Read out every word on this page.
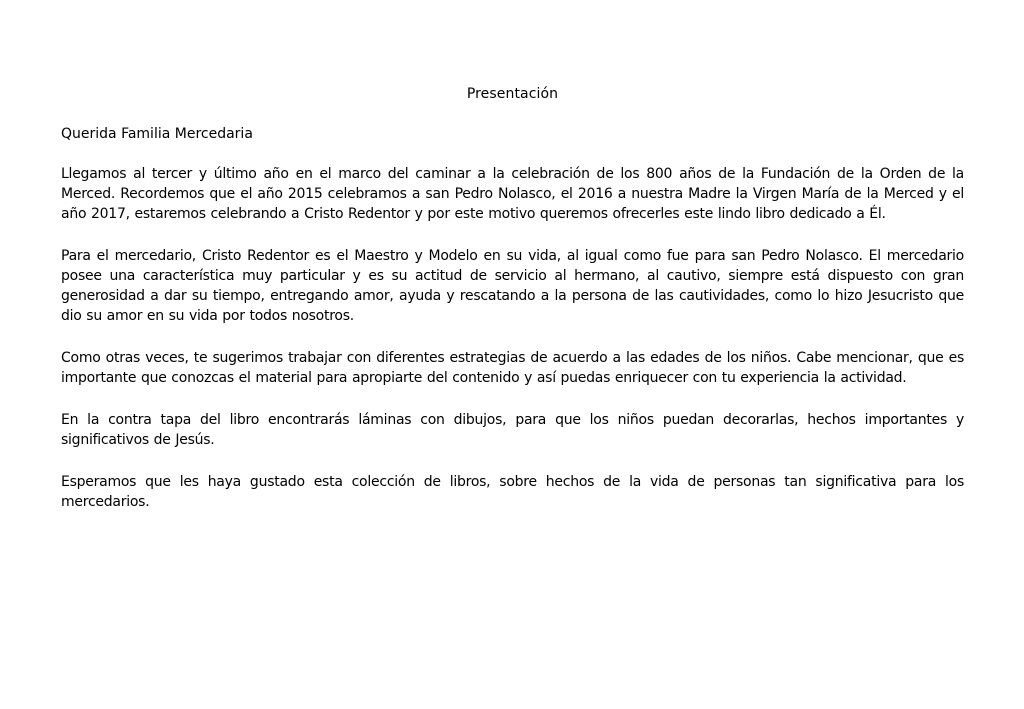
Presentación
Querida Familia Mercedaria

Llegamos al tercer y último año en el marco del caminar a la celebración de los 800 años de la Fundación de la Orden de la Merced. Recordemos que el año 2015 celebramos a san Pedro Nolasco, el 2016 a nuestra Madre la Virgen María de la Merced y el año 2017, estaremos celebrando a Cristo Redentor y por este motivo queremos ofrecerles este lindo libro dedicado a Él.

Para el mercedario, Cristo Redentor es el Maestro y Modelo en su vida, al igual como fue para san Pedro Nolasco. El mercedario posee una característica muy particular y es su actitud de servicio al hermano, al cautivo, siempre está dispuesto con gran generosidad a dar su tiempo, entregando amor, ayuda y rescatando a la persona de las cautividades, como lo hizo Jesucristo que dio su amor en su vida por todos nosotros.

Como otras veces, te sugerimos trabajar con diferentes estrategias de acuerdo a las edades de los niños. Cabe mencionar, que es importante que conozcas el material para apropiarte del contenido y así puedas enriquecer con tu experiencia la actividad.

En la contra tapa del libro encontrarás láminas con dibujos, para que los niños puedan decorarlas, hechos importantes y significativos de Jesús.

Esperamos que les haya gustado esta colección de libros, sobre hechos de la vida de personas tan significativa para los mercedarios.
